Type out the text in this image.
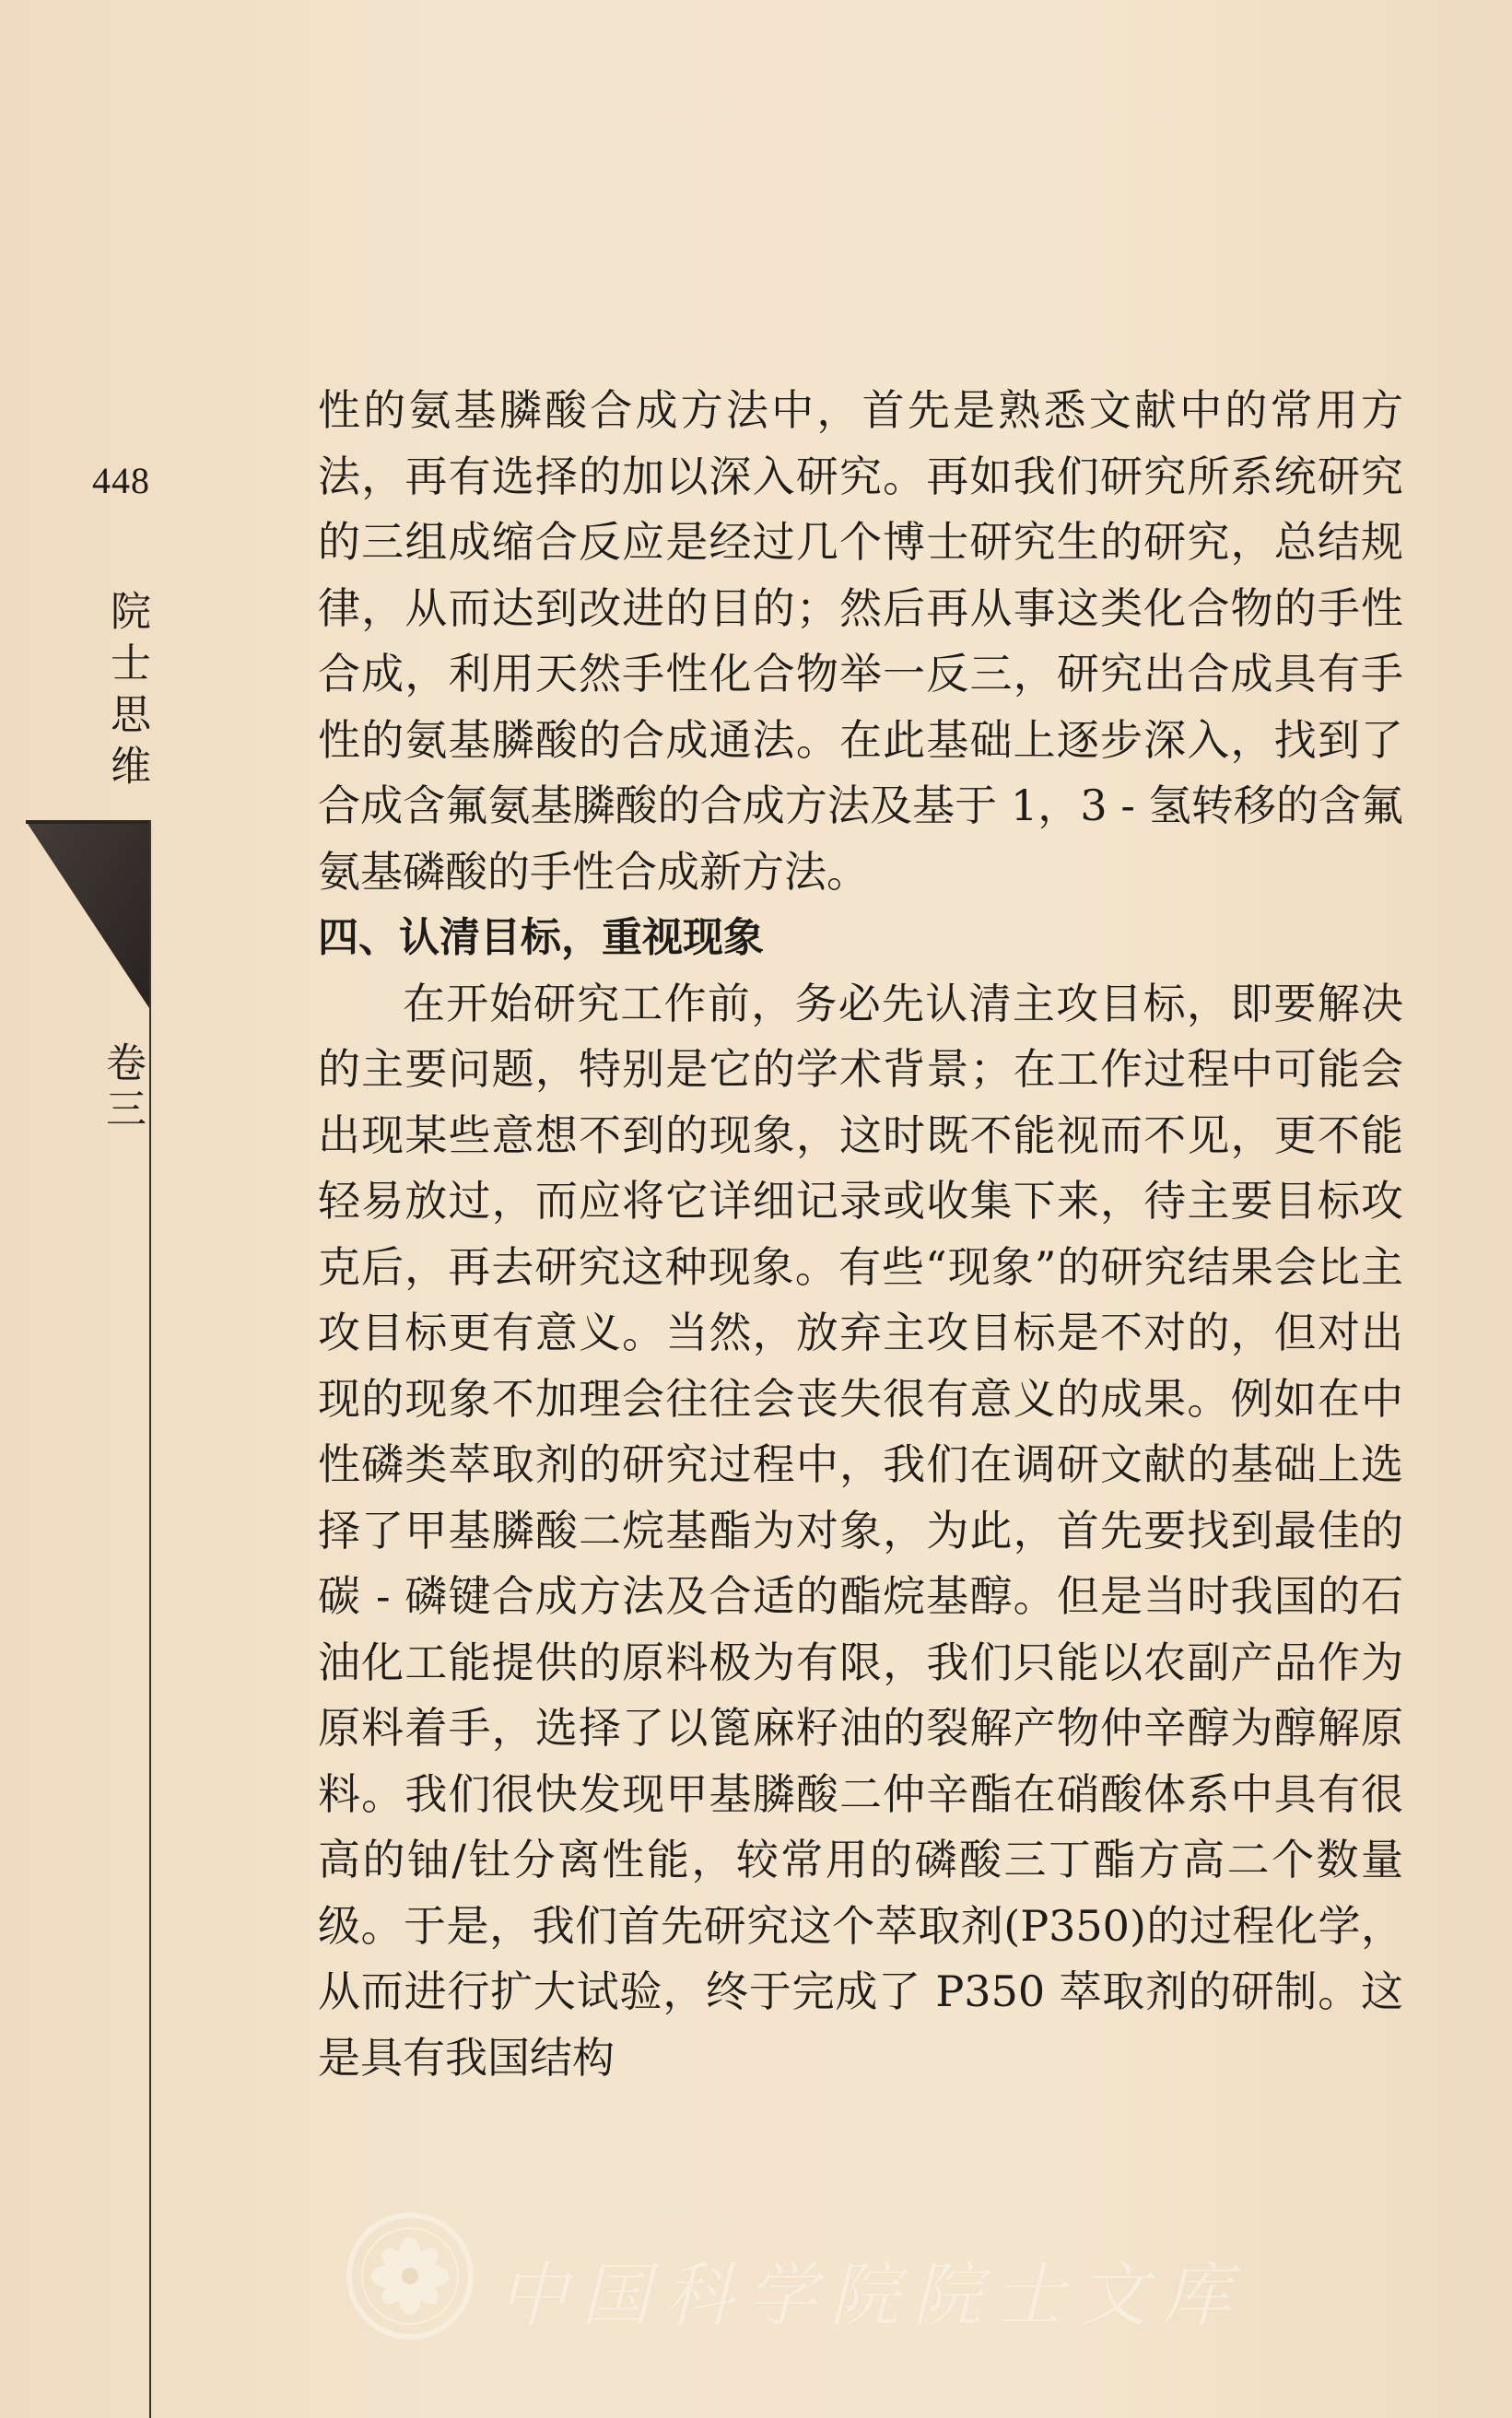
448
院士思维
卷三

性的氨基膦酸合成方法中，首先是熟悉文献中的常用方法，再有选择的加以深入研究。再如我们研究所系统研究的三组成缩合反应是经过几个博士研究生的研究，总结规律，从而达到改进的目的；然后再从事这类化合物的手性合成，利用天然手性化合物举一反三，研究出合成具有手性的氨基膦酸的合成通法。在此基础上逐步深入，找到了合成含氟氨基膦酸的合成方法及基于 1，3 - 氢转移的含氟氨基磷酸的手性合成新方法。

四、认清目标，重视现象

在开始研究工作前，务必先认清主攻目标，即要解决的主要问题，特别是它的学术背景；在工作过程中可能会出现某些意想不到的现象，这时既不能视而不见，更不能轻易放过，而应将它详细记录或收集下来，待主要目标攻克后，再去研究这种现象。有些“现象”的研究结果会比主攻目标更有意义。当然，放弃主攻目标是不对的，但对出现的现象不加理会往往会丧失很有意义的成果。例如在中性磷类萃取剂的研究过程中，我们在调研文献的基础上选择了甲基膦酸二烷基酯为对象，为此，首先要找到最佳的碳 - 磷键合成方法及合适的酯烷基醇。但是当时我国的石油化工能提供的原料极为有限，我们只能以农副产品作为原料着手，选择了以篦麻籽油的裂解产物仲辛醇为醇解原料。我们很快发现甲基膦酸二仲辛酯在硝酸体系中具有很高的铀/钍分离性能，较常用的磷酸三丁酯方高二个数量级。于是，我们首先研究这个萃取剂(P350)的过程化学，从而进行扩大试验，终于完成了 P350 萃取剂的研制。这是具有我国结构

中国科学院院士文库
